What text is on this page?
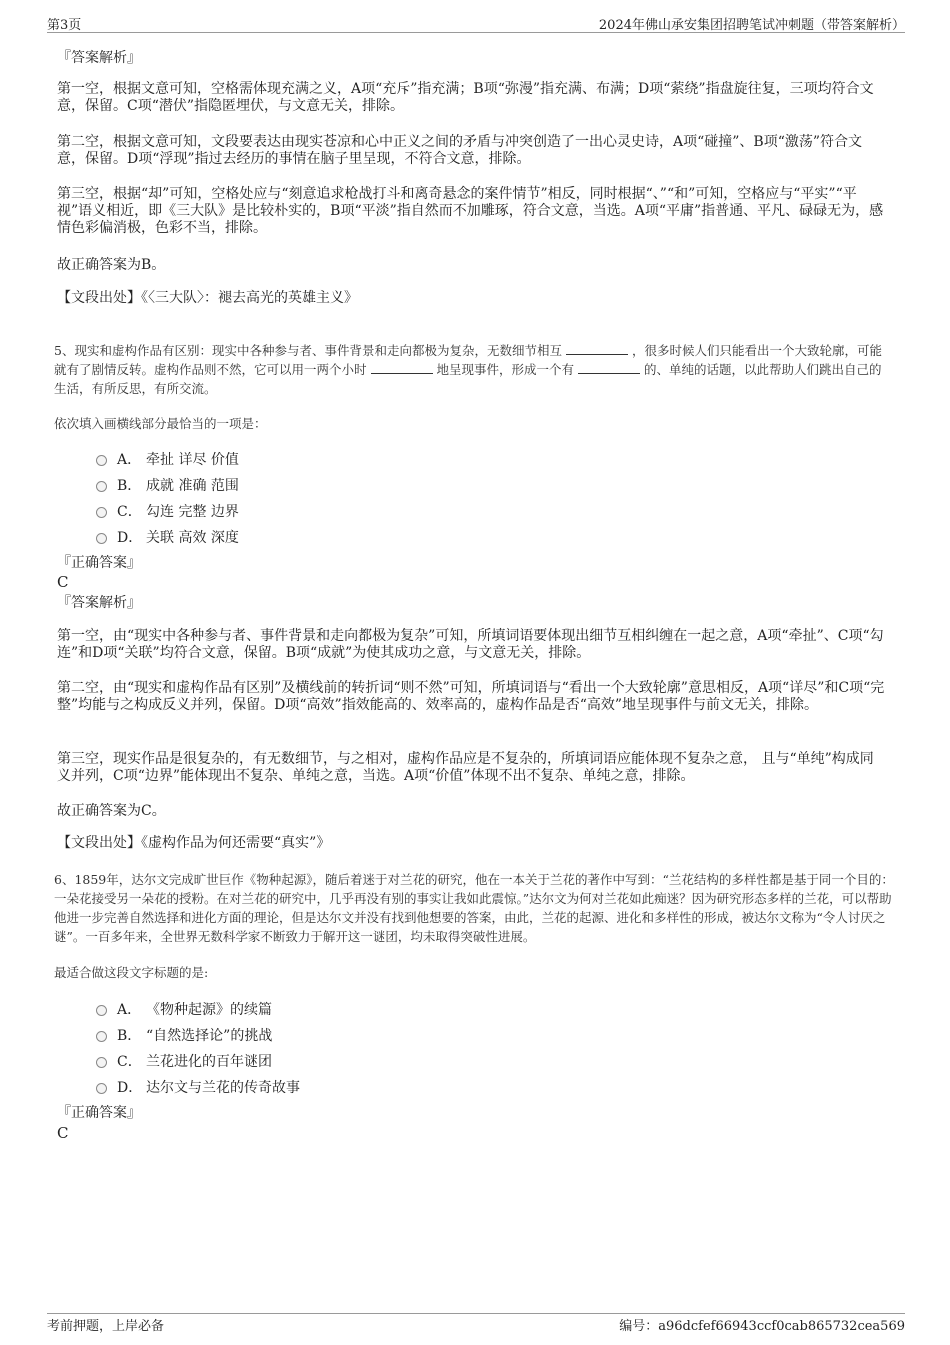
第3页	2024年佛山承安集团招聘笔试冲刺题（带答案解析）
『答案解析』

第一空，根据文意可知，空格需体现充满之义，A项“充斥”指充满；B项“弥漫”指充满、布满；D项“萦绕”指盘旋往复，三项均符合文意，保留。C项“潜伏”指隐匿埋伏，与文意无关，排除。

第二空，根据文意可知，文段要表达由现实苍凉和心中正义之间的矛盾与冲突创造了一出心灵史诗，A项“碰撞”、B项“激荡”符合文意，保留。D项“浮现”指过去经历的事情在脑子里呈现，不符合文意，排除。

第三空，根据“却”可知，空格处应与“刻意追求枪战打斗和离奇悬念的案件情节”相反，同时根据“、”“和”可知，空格应与“平实”“平视”语义相近，即《三大队》是比较朴实的，B项“平淡”指自然而不加雕琢，符合文意，当选。A项“平庸”指普通、平凡、碌碌无为，感情色彩偏消极，色彩不当，排除。

故正确答案为B。

【文段出处】《〈三大队〉：褪去高光的英雄主义》

5、现实和虚构作品有区别：现实中各种参与者、事件背景和走向都极为复杂，无数细节相互	，很多时候人们只能看出一个大致轮廓，可能就有了剧情反转。虚构作品则不然，它可以用一两个小时	地呈现事件，形成一个有	的、单纯的话题，以此帮助人们跳出自己的生活，有所反思，有所交流。

依次填入画横线部分最恰当的一项是：

A． 牵扯 详尽 价值
B． 成就 准确 范围
C． 勾连 完整 边界
D． 关联 高效 深度
『正确答案』
C
『答案解析』

第一空，由“现实中各种参与者、事件背景和走向都极为复杂”可知，所填词语要体现出细节互相纠缠在一起之意，A项“牵扯”、C项“勾连”和D项“关联”均符合文意，保留。B项“成就”为使其成功之意，与文意无关，排除。

第二空，由“现实和虚构作品有区别”及横线前的转折词“则不然”可知，所填词语与“看出一个大致轮廓”意思相反，A项“详尽”和C项“完整”均能与之构成反义并列，保留。D项“高效”指效能高的、效率高的，虚构作品是否“高效”地呈现事件与前文无关，排除。

第三空，现实作品是很复杂的，有无数细节，与之相对，虚构作品应是不复杂的，所填词语应能体现不复杂之意， 且与“单纯”构成同义并列，C项“边界”能体现出不复杂、单纯之意，当选。A项“价值”体现不出不复杂、单纯之意，排除。

故正确答案为C。

【文段出处】《虚构作品为何还需要“真实”》

6、1859年，达尔文完成旷世巨作《物种起源》，随后着迷于对兰花的研究，他在一本关于兰花的著作中写到：“兰花结构的多样性都是基于同一个目的：一朵花接受另一朵花的授粉。在对兰花的研究中，几乎再没有别的事实让我如此震惊。”达尔文为何对兰花如此痴迷？因为研究形态多样的兰花，可以帮助他进一步完善自然选择和进化方面的理论，但是达尔文并没有找到他想要的答案，由此，兰花的起源、进化和多样性的形成，被达尔文称为“令人讨厌之谜”。一百多年来，全世界无数科学家不断致力于解开这一谜团，均未取得突破性进展。

最适合做这段文字标题的是:

A． 《物种起源》的续篇
B． “自然选择论”的挑战
C． 兰花进化的百年谜团
D． 达尔文与兰花的传奇故事
『正确答案』
C
考前押题，上岸必备	编号：a96dcfef66943ccf0cab865732cea569
